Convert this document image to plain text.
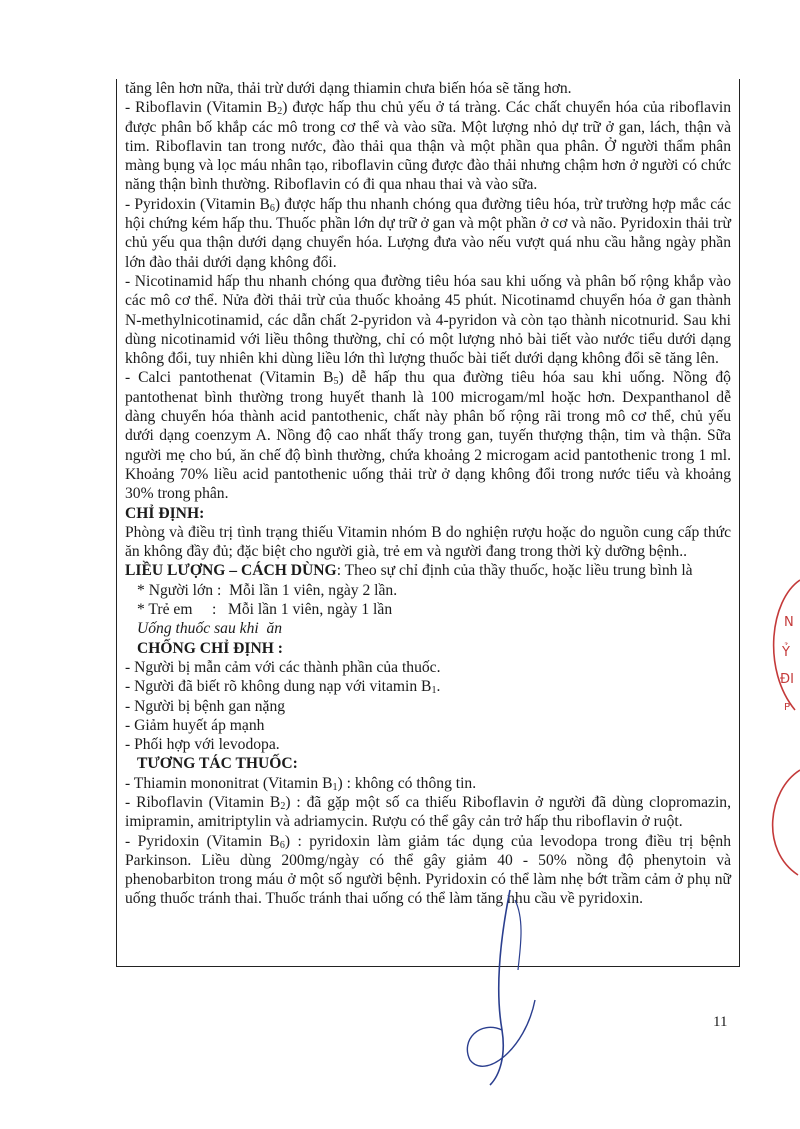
tăng lên hơn nữa, thải trừ dưới dạng thiamin chưa biến hóa sẽ tăng hơn.

- Riboflavin (Vitamin $B_2$) được hấp thu chủ yếu ở tá tràng. Các chất chuyển hóa của riboflavin được phân bố khắp các mô trong cơ thể và vào sữa. Một lượng nhỏ dự trữ ở gan, lách, thận và tim. Riboflavin tan trong nước, đào thải qua thận và một phần qua phân. Ở người thẩm phân màng bụng và lọc máu nhân tạo, riboflavin cũng được đào thải nhưng chậm hơn ở người có chức năng thận bình thường. Riboflavin có đi qua nhau thai và vào sữa.

- Pyridoxin (Vitamin $B_6$) được hấp thu nhanh chóng qua đường tiêu hóa, trừ trường hợp mắc các hội chứng kém hấp thu. Thuốc phần lớn dự trữ ở gan và một phần ở cơ và não. Pyridoxin thải trừ chủ yếu qua thận dưới dạng chuyển hóa. Lượng đưa vào nếu vượt quá nhu cầu hằng ngày phần lớn đào thải dưới dạng không đổi.

- Nicotinamid hấp thu nhanh chóng qua đường tiêu hóa sau khi uống và phân bố rộng khắp vào các mô cơ thể. Nửa đời thải trừ của thuốc khoảng 45 phút. Nicotinamd chuyển hóa ở gan thành N-methylnicotinamid, các dẫn chất 2-pyridon và 4-pyridon và còn tạo thành nicotnurid. Sau khi dùng nicotinamid với liều thông thường, chỉ có một lượng nhỏ bài tiết vào nước tiểu dưới dạng không đổi, tuy nhiên khi dùng liều lớn thì lượng thuốc bài tiết dưới dạng không đổi sẽ tăng lên.

- Calci pantothenat (Vitamin $B_5$) dễ hấp thu qua đường tiêu hóa sau khi uống. Nồng độ pantothenat bình thường trong huyết thanh là 100 microgam/ml hoặc hơn. Dexpanthanol dễ dàng chuyển hóa thành acid pantothenic, chất này phân bố rộng rãi trong mô cơ thể, chủ yếu dưới dạng coenzym A. Nồng độ cao nhất thấy trong gan, tuyến thượng thận, tim và thận. Sữa người mẹ cho bú, ăn chế độ bình thường, chứa khoảng 2 microgam acid pantothenic trong 1 ml. Khoảng 70% liều acid pantothenic uống thải trừ ở dạng không đổi trong nước tiểu và khoảng 30% trong phân.

CHỈ ĐỊNH:

Phòng và điều trị tình trạng thiếu Vitamin nhóm B do nghiện rượu hoặc do nguồn cung cấp thức ăn không đầy đủ; đặc biệt cho người già, trẻ em và người đang trong thời kỳ dưỡng bệnh..

LIỀU LƯỢNG – CÁCH DÙNG: Theo sự chỉ định của thầy thuốc, hoặc liều trung bình là

* Người lớn :  Mỗi lần 1 viên, ngày 2 lần.

* Trẻ em     :   Mỗi lần 1 viên, ngày 1 lần

Uống thuốc sau khi  ăn

CHỐNG CHỈ ĐỊNH :

- Người bị mẫn cảm với các thành phần của thuốc.

- Người đã biết rõ không dung nạp với vitamin $B_1$.

- Người bị bệnh gan nặng

- Giảm huyết áp mạnh

- Phối hợp với levodopa.

TƯƠNG TÁC THUỐC:

- Thiamin mononitrat (Vitamin $B_1$) : không có thông tin.

- Riboflavin (Vitamin $B_2$) : đã gặp một số ca thiếu Riboflavin ở người đã dùng clopromazin, imipramin, amitriptylin và adriamycin. Rượu có thể gây cản trở hấp thu riboflavin ở ruột.

- Pyridoxin (Vitamin $B_6$) : pyridoxin làm giảm tác dụng của levodopa trong điều trị bệnh Parkinson. Liều dùng 200mg/ngày có thể gây giảm 40 - 50% nồng độ phenytoin và phenobarbiton trong máu ở một số người bệnh. Pyridoxin có thể làm nhẹ bớt trầm cảm ở phụ nữ uống thuốc tránh thai. Thuốc tránh thai uống có thể làm tăng nhu cầu về pyridoxin.

11
N
Ỷ
ĐI
P
